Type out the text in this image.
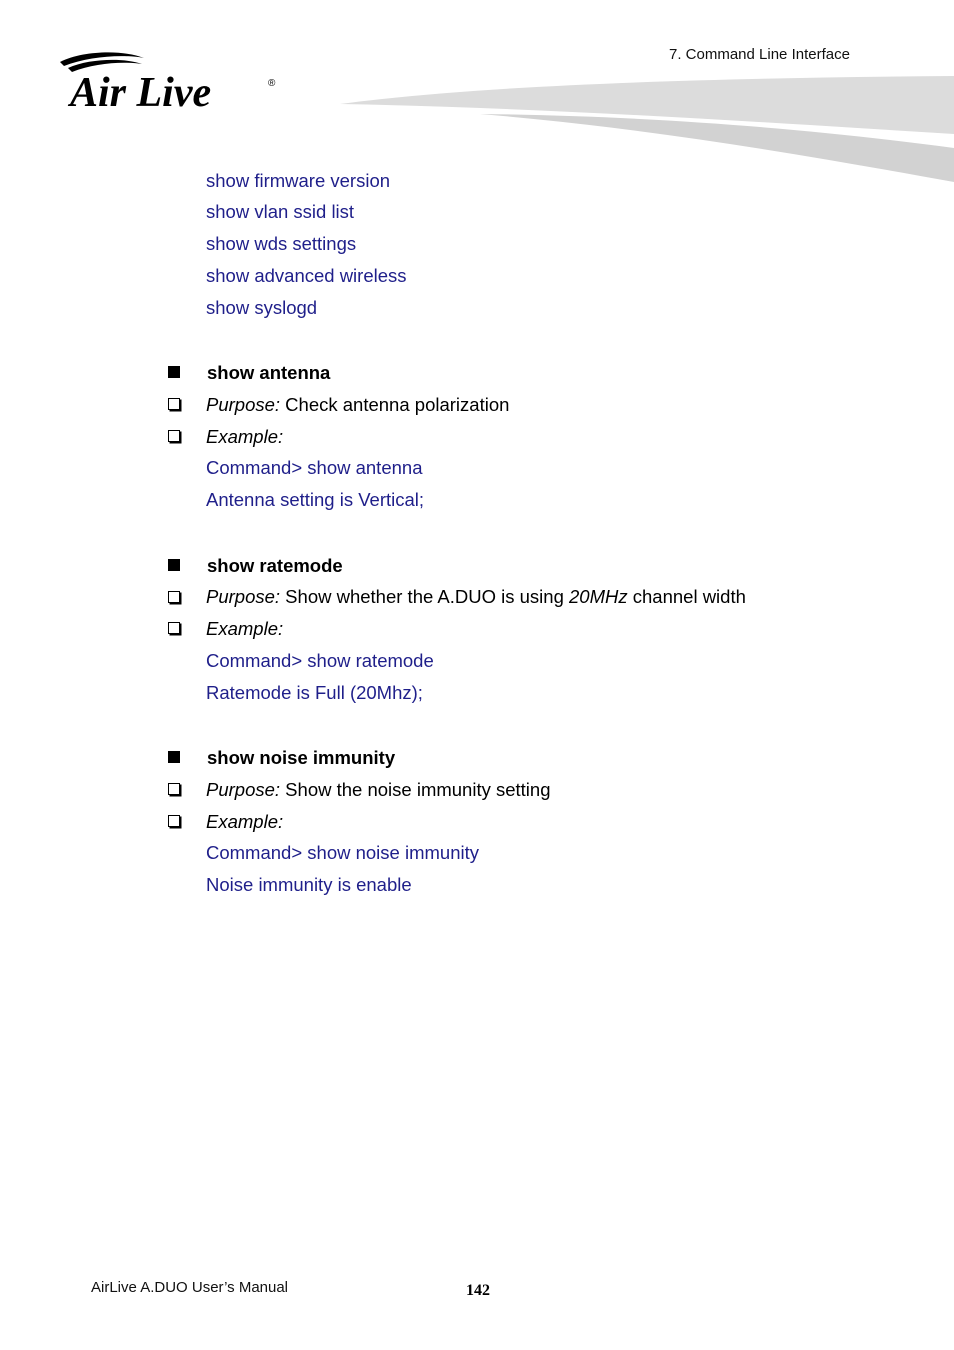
7. Command Line Interface
Air Live	®
show firmware version
show vlan ssid list
show wds settings
show advanced wireless
show syslogd
show antenna
Purpose: Check antenna polarization
Example:
Command> show antenna
Antenna setting is Vertical;
show ratemode
Purpose: Show whether the A.DUO is using 20MHz channel width
Example:
Command> show ratemode
Ratemode is Full (20Mhz);
show noise immunity
Purpose: Show the noise immunity setting
Example:
Command> show noise immunity
Noise immunity is enable
AirLive A.DUO User’s Manual	142
